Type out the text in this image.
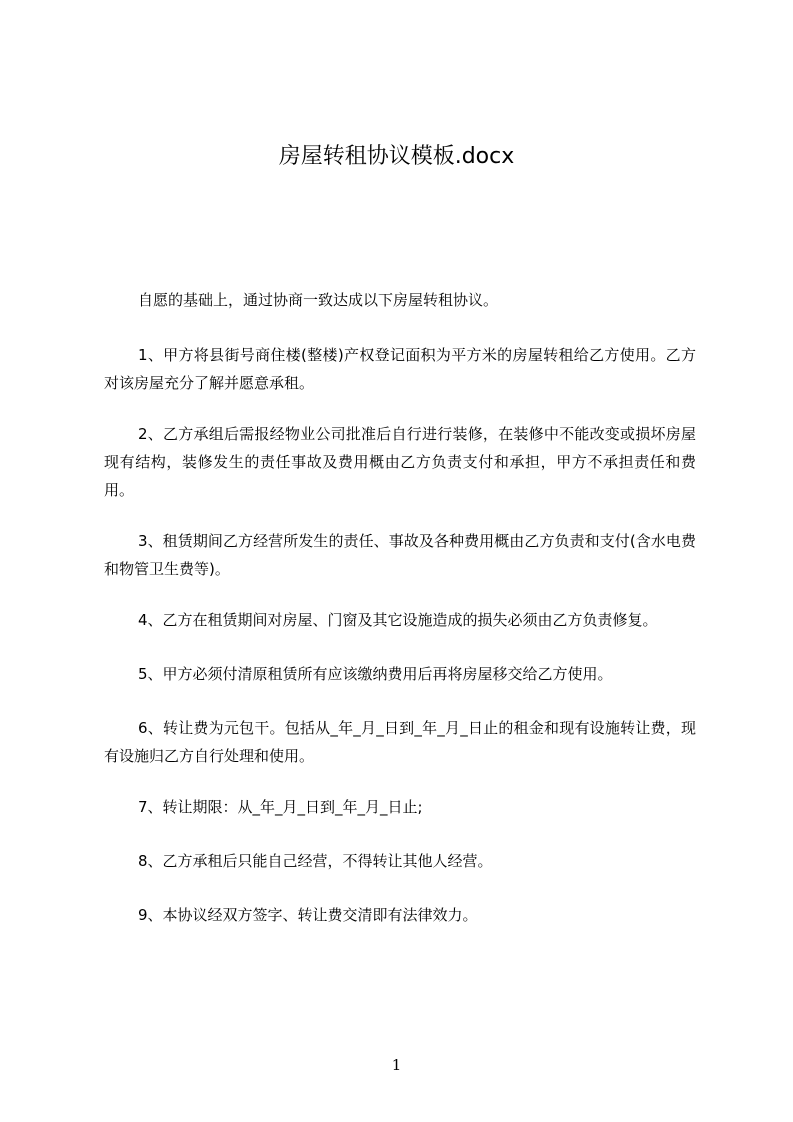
房屋转租协议模板.docx

自愿的基础上，通过协商一致达成以下房屋转租协议。

1、甲方将县街号商住楼(整楼)产权登记面积为平方米的房屋转租给乙方使用。乙方对该房屋充分了解并愿意承租。

2、乙方承组后需报经物业公司批准后自行进行装修，在装修中不能改变或损坏房屋现有结构，装修发生的责任事故及费用概由乙方负责支付和承担，甲方不承担责任和费用。

3、租赁期间乙方经营所发生的责任、事故及各种费用概由乙方负责和支付(含水电费和物管卫生费等)。

4、乙方在租赁期间对房屋、门窗及其它设施造成的损失必须由乙方负责修复。

5、甲方必须付清原租赁所有应该缴纳费用后再将房屋移交给乙方使用。

6、转让费为元包干。包括从_年_月_日到_年_月_日止的租金和现有设施转让费，现有设施归乙方自行处理和使用。

7、转让期限：从_年_月_日到_年_月_日止;

8、乙方承租后只能自己经营，不得转让其他人经营。

9、本协议经双方签字、转让费交清即有法律效力。

1
